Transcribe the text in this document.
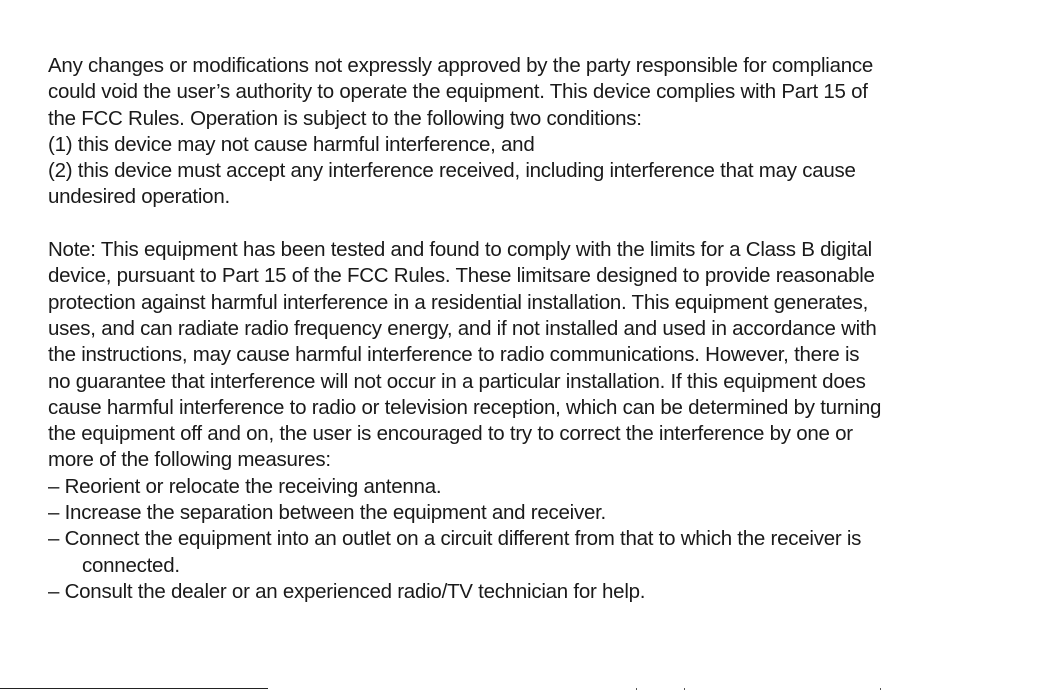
Any changes or modifications not expressly approved by the party responsible for compliance
could void the user’s authority to operate the equipment. This device complies with Part 15 of
the FCC Rules. Operation is subject to the following two conditions:
(1) this device may not cause harmful interference, and
(2) this device must accept any interference received, including interference that may cause
undesired operation.
Note: This equipment has been tested and found to comply with the limits for a Class B digital
device, pursuant to Part 15 of the FCC Rules. These limitsare designed to provide reasonable
protection against harmful interference in a residential installation. This equipment generates,
uses, and can radiate radio frequency energy, and if not installed and used in accordance with
the instructions, may cause harmful interference to radio communications. However, there is
no guarantee that interference will not occur in a particular installation. If this equipment does
cause harmful interference to radio or television reception, which can be determined by turning
the equipment off and on, the user is encouraged to try to correct the interference by one or
more of the following measures:
– Reorient or relocate the receiving antenna.
– Increase the separation between the equipment and receiver.
– Connect the equipment into an outlet on a circuit different from that to which the receiver is
connected.
– Consult the dealer or an experienced radio/TV technician for help.
